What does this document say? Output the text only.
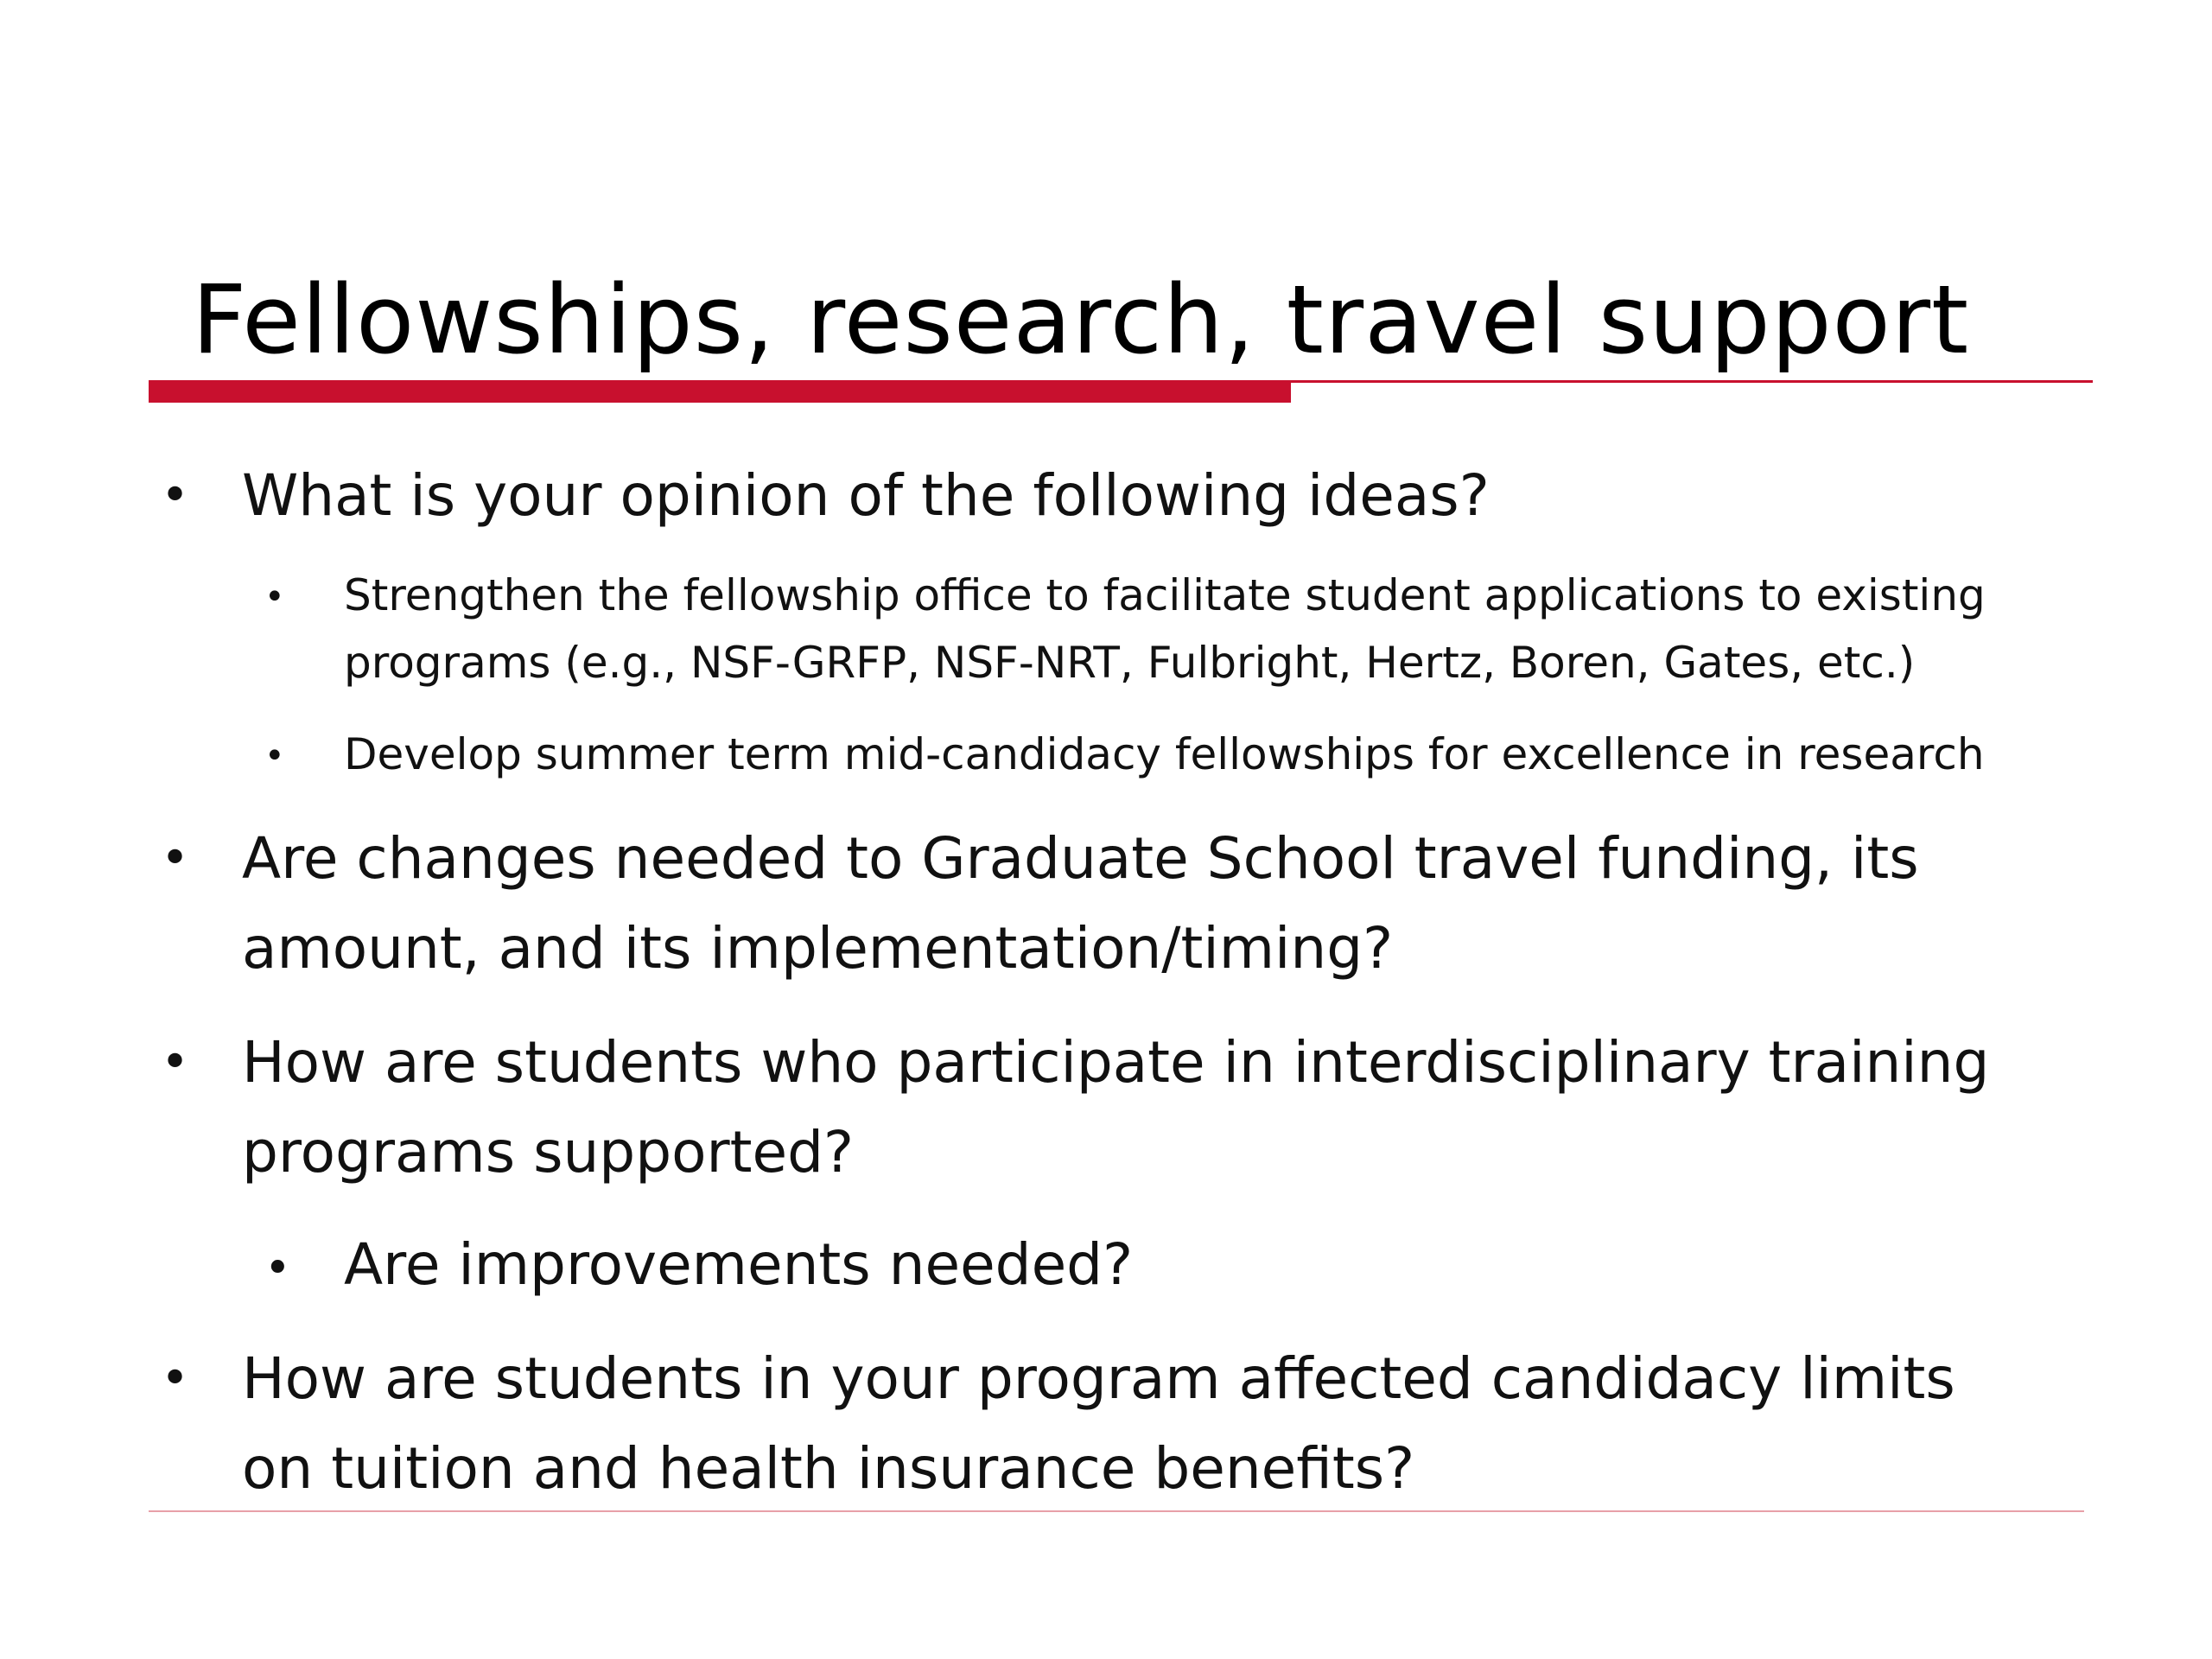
Fellowships, research, travel support
• What is your opinion of the following ideas?
• Strengthen the fellowship office to facilitate student applications to existing
programs (e.g., NSF-GRFP, NSF-NRT, Fulbright, Hertz, Boren, Gates, etc.)
• Develop summer term mid-candidacy fellowships for excellence in research
• Are changes needed to Graduate School travel funding, its
amount, and its implementation/timing?
• How are students who participate in interdisciplinary training
programs supported?
• Are improvements needed?
• How are students in your program affected candidacy limits
on tuition and health insurance benefits?
